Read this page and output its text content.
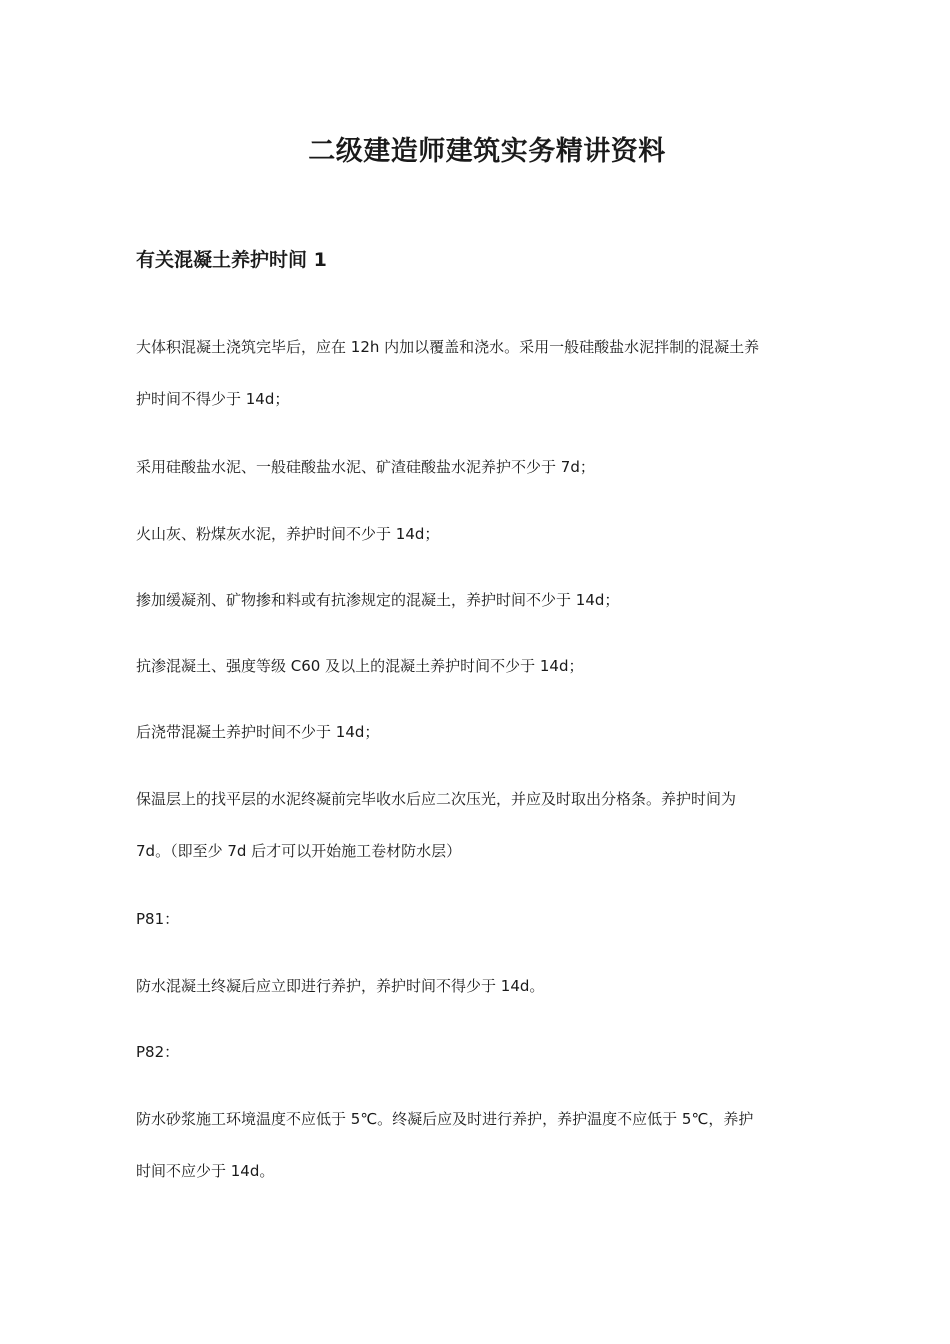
二级建造师建筑实务精讲资料
有关混凝土养护时间 1

大体积混凝土浇筑完毕后，应在 12h 内加以覆盖和浇水。采用一般硅酸盐水泥拌制的混凝土养
护时间不得少于 14d；

采用硅酸盐水泥、一般硅酸盐水泥、矿渣硅酸盐水泥养护不少于 7d；

火山灰、粉煤灰水泥，养护时间不少于 14d；

掺加缓凝剂、矿物掺和料或有抗渗规定的混凝土，养护时间不少于 14d；

抗渗混凝土、强度等级 C60 及以上的混凝土养护时间不少于 14d；

后浇带混凝土养护时间不少于 14d；

保温层上的找平层的水泥终凝前完毕收水后应二次压光，并应及时取出分格条。养护时间为
7d。（即至少 7d 后才可以开始施工卷材防水层）

P81：

防水混凝土终凝后应立即进行养护，养护时间不得少于 14d。

P82：

防水砂浆施工环境温度不应低于 5℃。终凝后应及时进行养护，养护温度不应低于 5℃，养护
时间不应少于 14d。
